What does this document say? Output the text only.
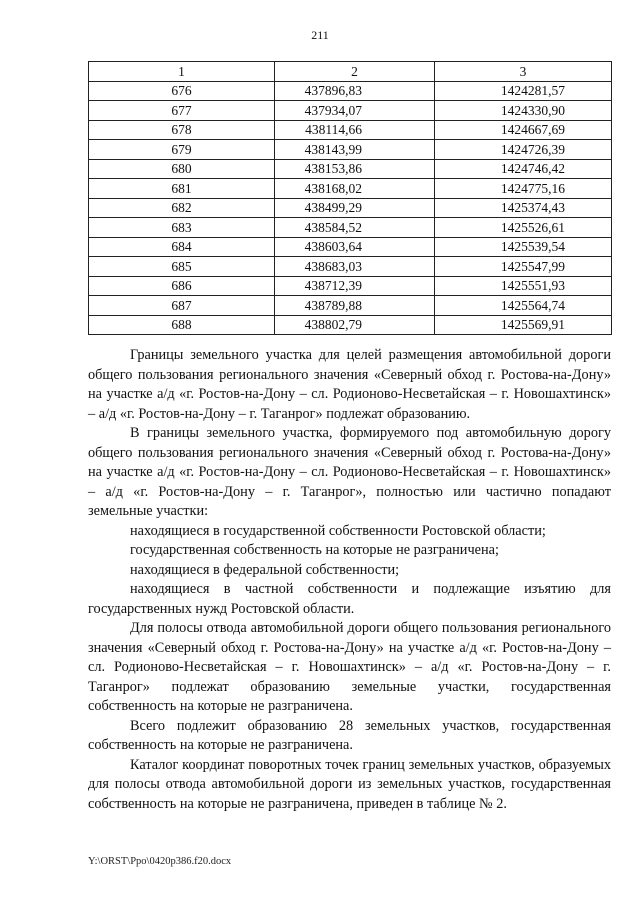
211
1	2	3
676	437896,83	1424281,57
677	437934,07	1424330,90
678	438114,66	1424667,69
679	438143,99	1424726,39
680	438153,86	1424746,42
681	438168,02	1424775,16
682	438499,29	1425374,43
683	438584,52	1425526,61
684	438603,64	1425539,54
685	438683,03	1425547,99
686	438712,39	1425551,93
687	438789,88	1425564,74
688	438802,79	1425569,91

Границы земельного участка для целей размещения автомобильной дороги общего пользования регионального значения «Северный обход г. Ростова-на-Дону» на участке а/д «г. Ростов-на-Дону – сл. Родионово-Несветайская – г. Новошахтинск» – а/д «г. Ростов-на-Дону – г. Таганрог» подлежат образованию.

В границы земельного участка, формируемого под автомобильную дорогу общего пользования регионального значения «Северный обход г. Ростова-на-Дону» на участке а/д «г. Ростов-на-Дону – сл. Родионово-Несветайская – г. Новошахтинск» – а/д «г. Ростов-на-Дону – г. Таганрог», полностью или частично попадают земельные участки:

находящиеся в государственной собственности Ростовской области;

государственная собственность на которые не разграничена;

находящиеся в федеральной собственности;

находящиеся в частной собственности и подлежащие изъятию для государственных нужд Ростовской области.

Для полосы отвода автомобильной дороги общего пользования регионального значения «Северный обход г. Ростова-на-Дону» на участке а/д «г. Ростов-на-Дону – сл. Родионово-Несветайская – г. Новошахтинск» – а/д «г. Ростов-на-Дону – г. Таганрог» подлежат образованию земельные участки, государственная собственность на которые не разграничена.

Всего подлежит образованию 28 земельных участков, государственная собственность на которые не разграничена.

Каталог координат поворотных точек границ земельных участков, образуемых для полосы отвода автомобильной дороги из земельных участков, государственная собственность на которые не разграничена, приведен в таблице № 2.

Y:\ORST\Ppo\0420p386.f20.docx
